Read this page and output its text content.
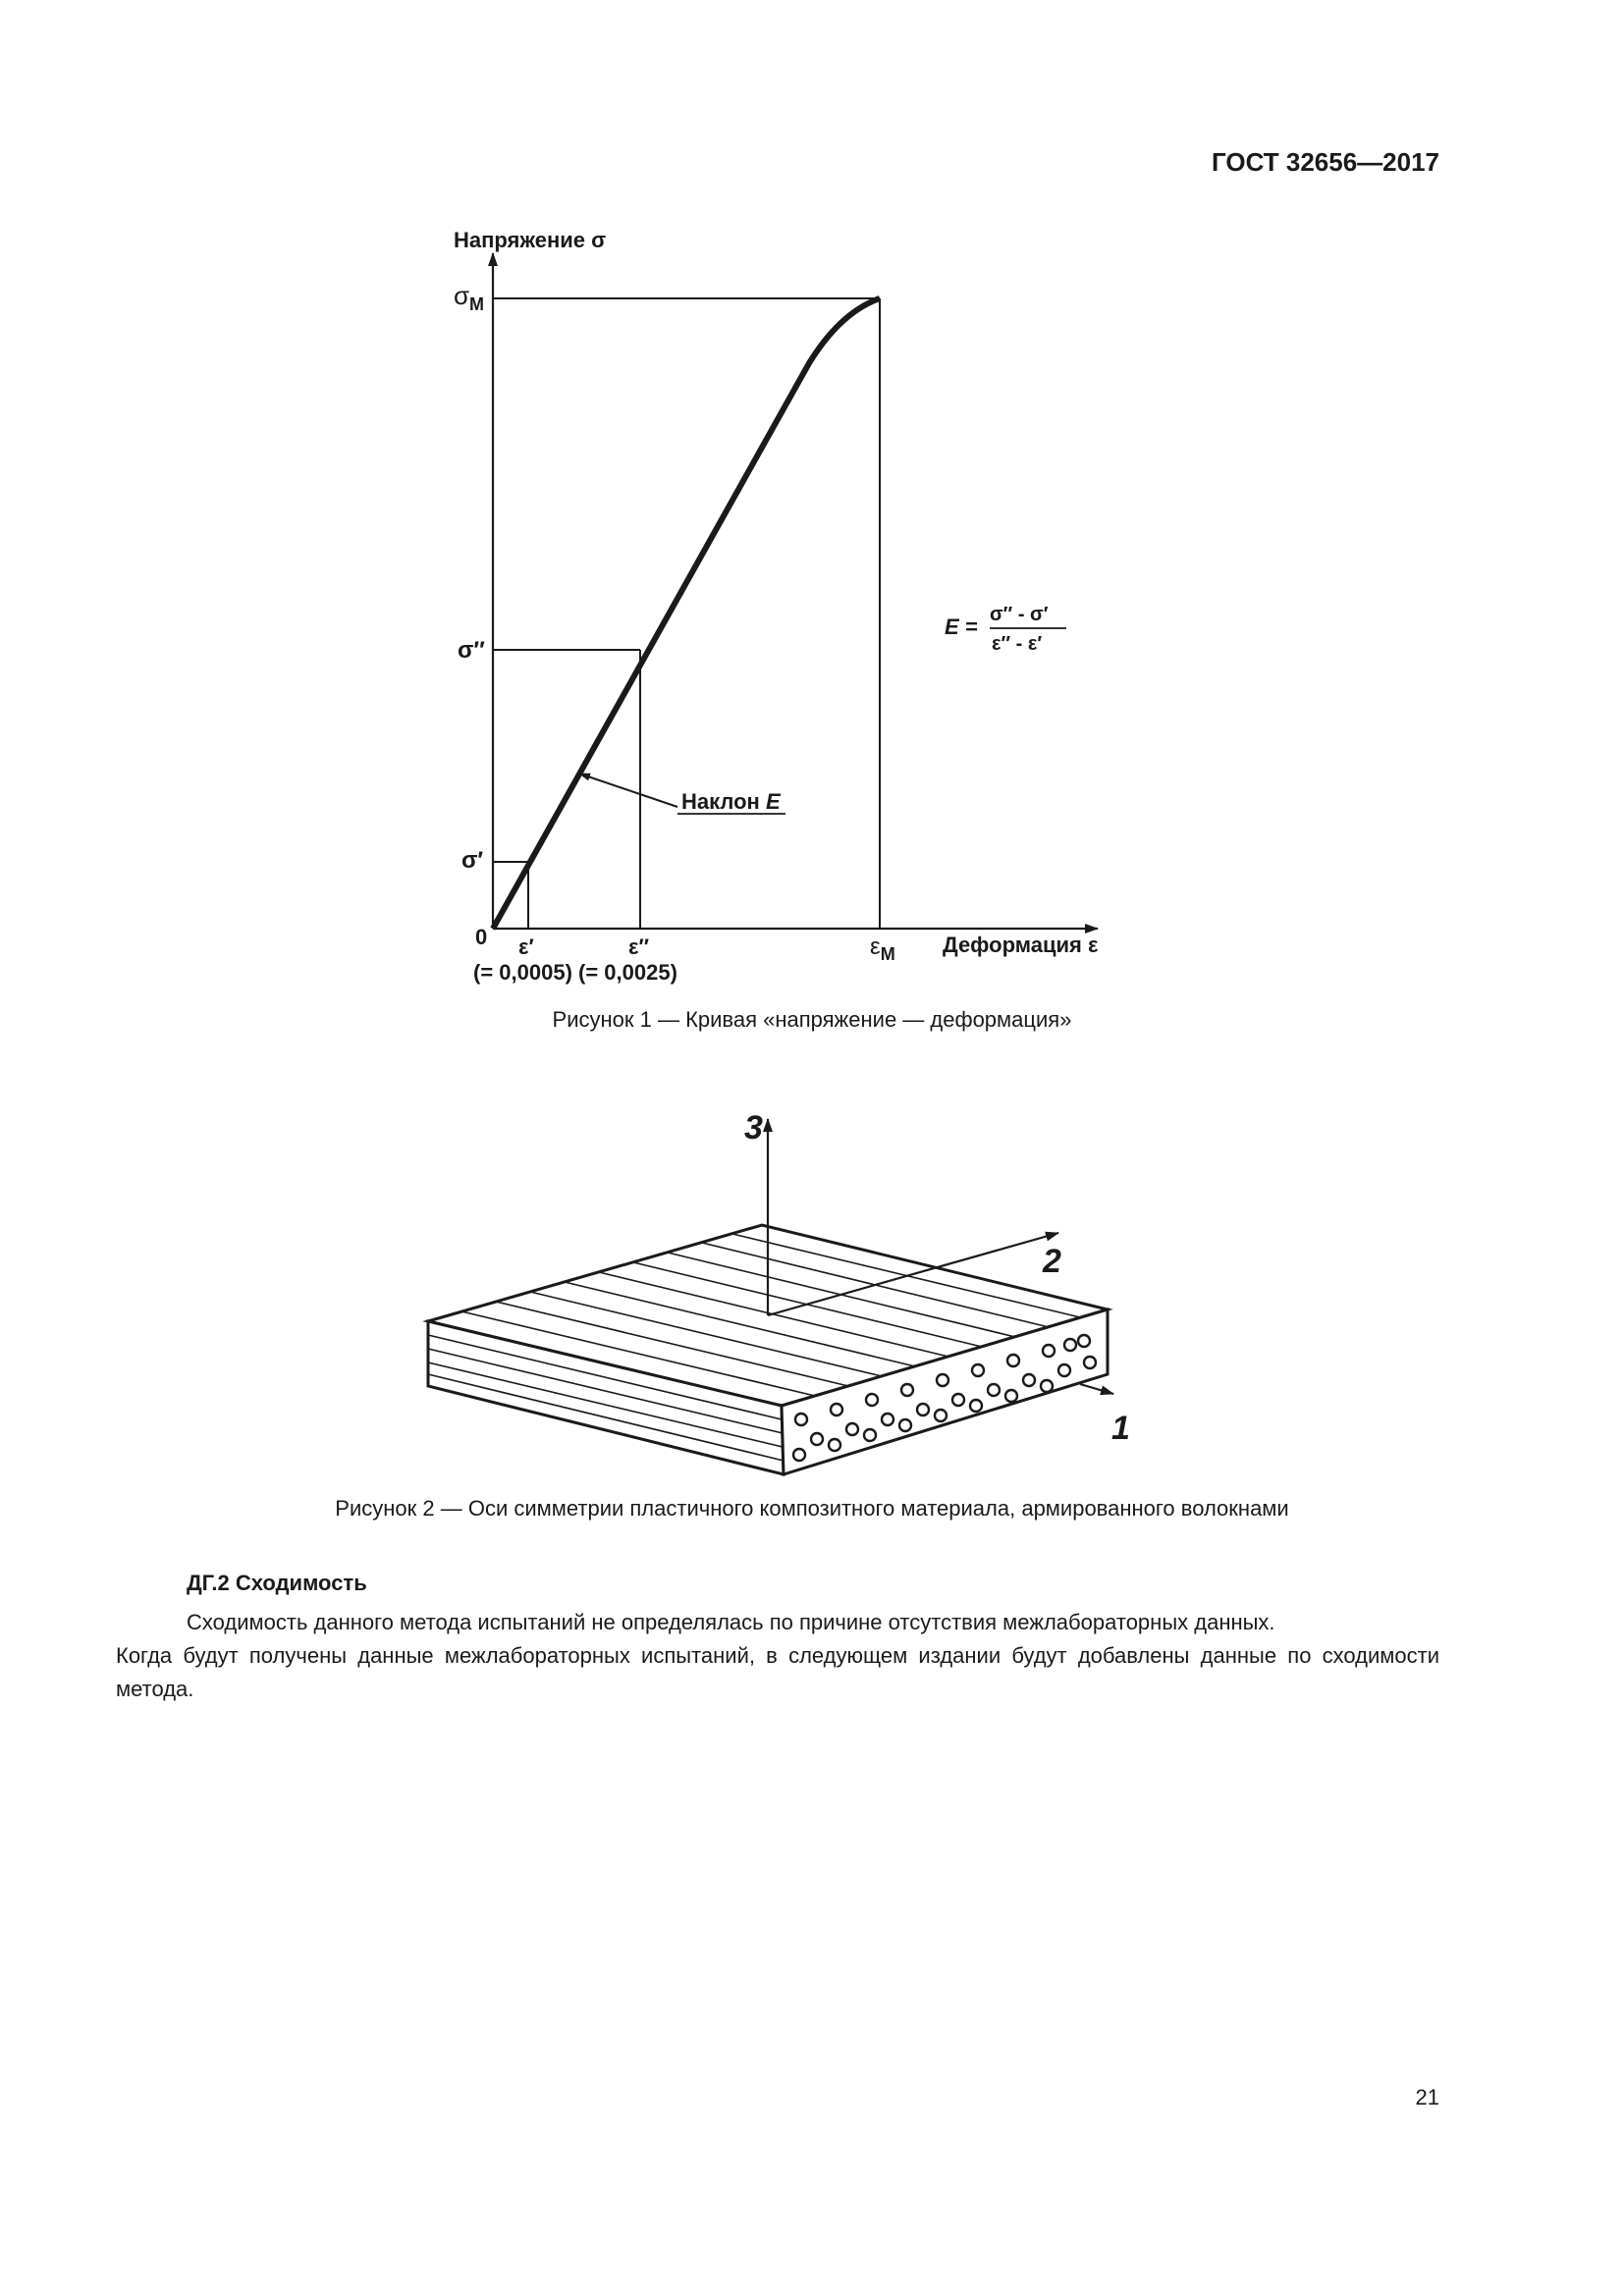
ГОСТ 32656—2017
Наклон E
Напряжение σ
Деформация ε
0
$\sigma_М$
σ″
σ′
ε′	ε″	$\varepsilon_М$
(= 0,0005) (= 0,0025)
E = σ″ - σ′
ε″ - ε′
Рисунок 1 — Кривая «напряжение — деформация»
3
2
1
Рисунок 2 — Оси симметрии пластичного композитного материала, армированного волокнами
ДГ.2 Сходимость
Сходимость данного метода испытаний не определялась по причине отсутствия межлабораторных данных.
Когда будут получены данные межлабораторных испытаний, в следующем издании будут добавлены данные по сходимости метода.
21
